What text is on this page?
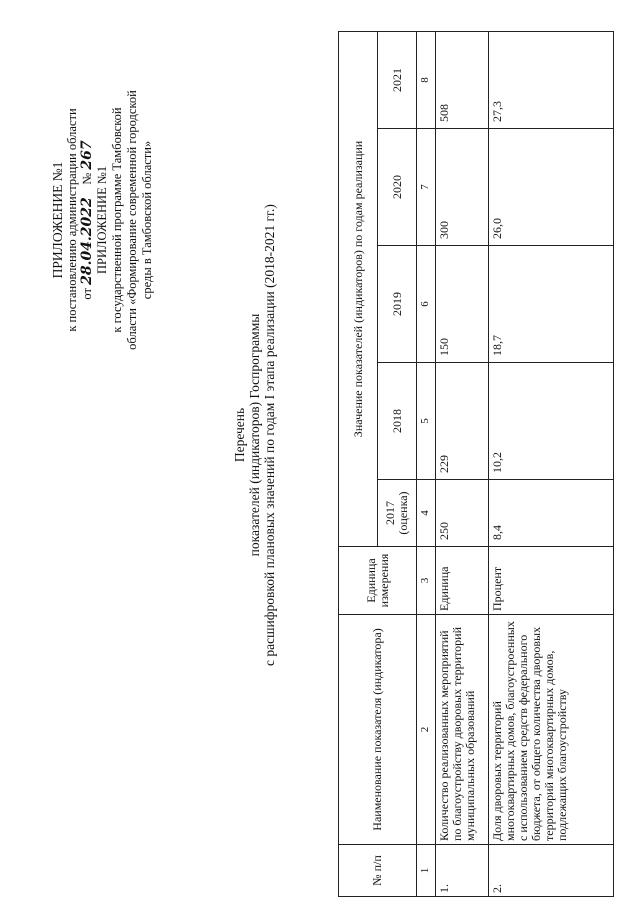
ПРИЛОЖЕНИЕ №1 к постановлению администрации области от 28.04.2022    № 267
ПРИЛОЖЕНИЕ №1 к государственной программе Тамбовской области «Формирование современной городской среды в Тамбовской области»
Перечень показателей (индикаторов) Госпрограммы с расшифровкой плановых значений по годам I этапа реализации (2018-2021 гг.)
№ п/п	Наименование показателя (индикатора)	Единица измерения	Значение показателей (индикаторов) по годам реализации				
			2017 (оценка)	2018	2019	2020	2021
1	2	3	4	5	6	7	8
1.	Количество реализованных мероприятий по благоустройству дворовых территорий муниципальных образований	Единица	250	229	150	300	508
2.	Доля дворовых территорий многоквартирных домов, благоустроенных с использованием средств федерального бюджета, от общего количества дворовых территорий многоквартирных домов, подлежащих благоустройству	Процент	8,4	10,2	18,7	26,0	27,3
